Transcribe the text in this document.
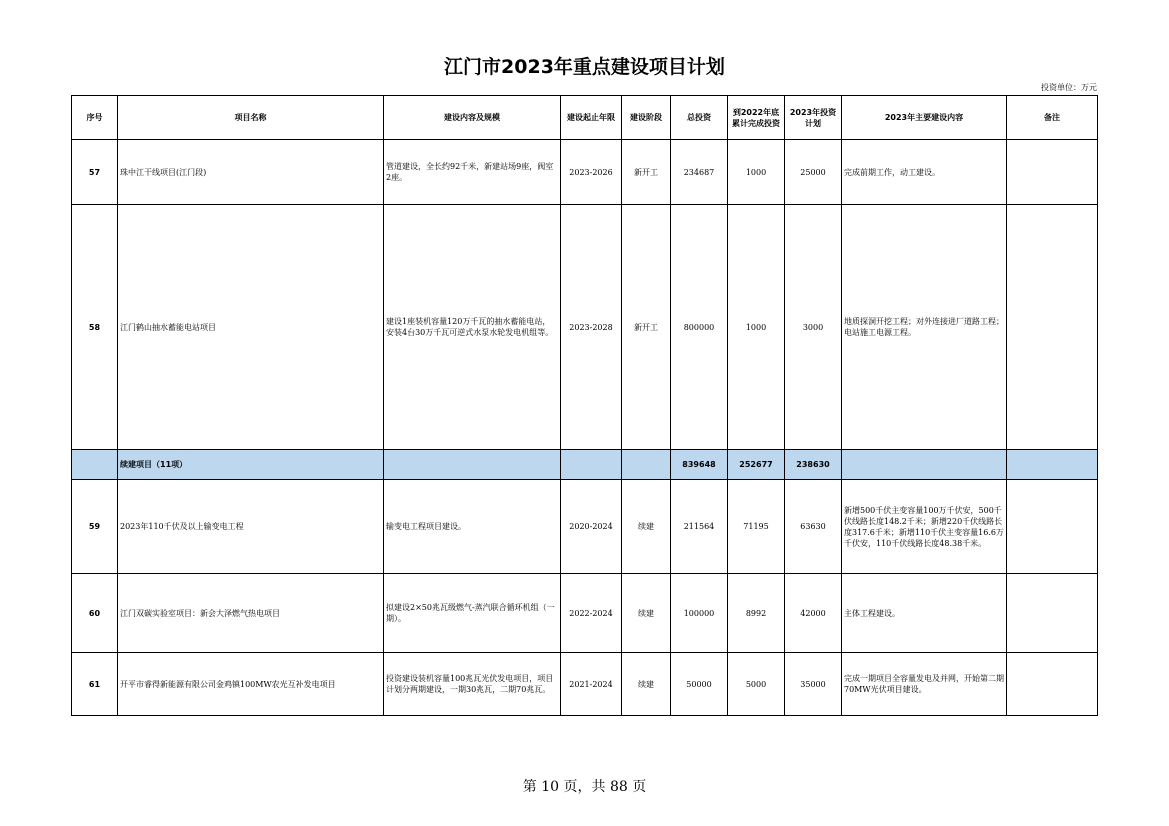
江门市2023年重点建设项目计划
投资单位：万元
序号	项目名称	建设内容及规模	建设起止年限	建设阶段	总投资	到2022年底累计完成投资	2023年投资计划	2023年主要建设内容	备注
57	珠中江干线项目(江门段)	管道建设，全长约92千米，新建站场9座，阀室2座。	2023-2026	新开工	234687	1000	25000	完成前期工作，动工建设。	
58	江门鹤山抽水蓄能电站项目	建设1座装机容量120万千瓦的抽水蓄能电站，安装4台30万千瓦可逆式水泵水轮发电机组等。	2023-2028	新开工	800000	1000	3000	地质探洞开挖工程；对外连接进厂道路工程；电站施工电源工程。	
	续建项目（11项）				839648	252677	238630		
59	2023年110千伏及以上输变电工程	输变电工程项目建设。	2020-2024	续建	211564	71195	63630	新增500千伏主变容量100万千伏安，500千伏线路长度148.2千米；新增220千伏线路长度317.6千米；新增110千伏主变容量16.6万千伏安，110千伏线路长度48.38千米。	
60	江门双碳实验室项目：新会大泽燃气热电项目	拟建设2×50兆瓦级燃气-蒸汽联合循环机组（一期）。	2022-2024	续建	100000	8992	42000	主体工程建设。	
61	开平市睿得新能源有限公司金鸡镇100MW农光互补发电项目	投资建设装机容量100兆瓦光伏发电项目，项目计划分两期建设，一期30兆瓦，二期70兆瓦。	2021-2024	续建	50000	5000	35000	完成一期项目全容量发电及并网，开始第二期70MW光伏项目建设。	
第 10 页，共 88 页
